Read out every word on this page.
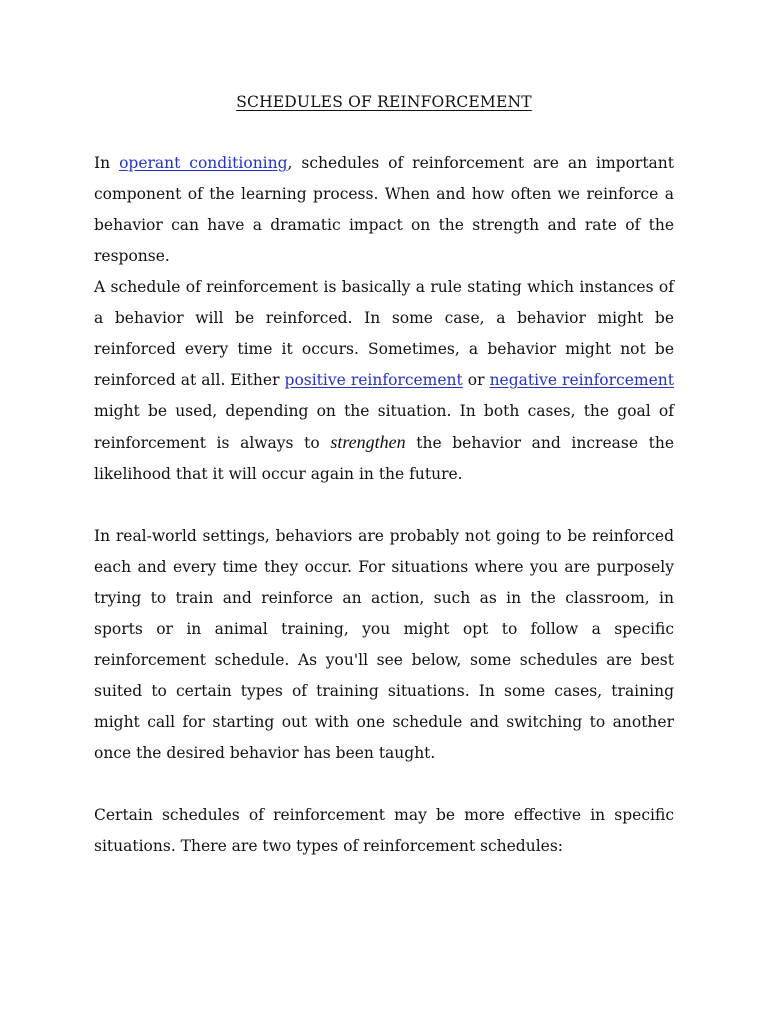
SCHEDULES OF REINFORCEMENT

In operant conditioning, schedules of reinforcement are an important component of the learning process. When and how often we reinforce a behavior can have a dramatic impact on the strength and rate of the response.

A schedule of reinforcement is basically a rule stating which instances of a behavior will be reinforced. In some case, a behavior might be reinforced every time it occurs. Sometimes, a behavior might not be reinforced at all. Either positive reinforcement or negative reinforcement might be used, depending on the situation. In both cases, the goal of reinforcement is always to strengthen the behavior and increase the likelihood that it will occur again in the future.

In real-world settings, behaviors are probably not going to be reinforced each and every time they occur. For situations where you are purposely trying to train and reinforce an action, such as in the classroom, in sports or in animal training, you might opt to follow a specific reinforcement schedule. As you'll see below, some schedules are best suited to certain types of training situations. In some cases, training might call for starting out with one schedule and switching to another once the desired behavior has been taught.

Certain schedules of reinforcement may be more effective in specific situations. There are two types of reinforcement schedules:
